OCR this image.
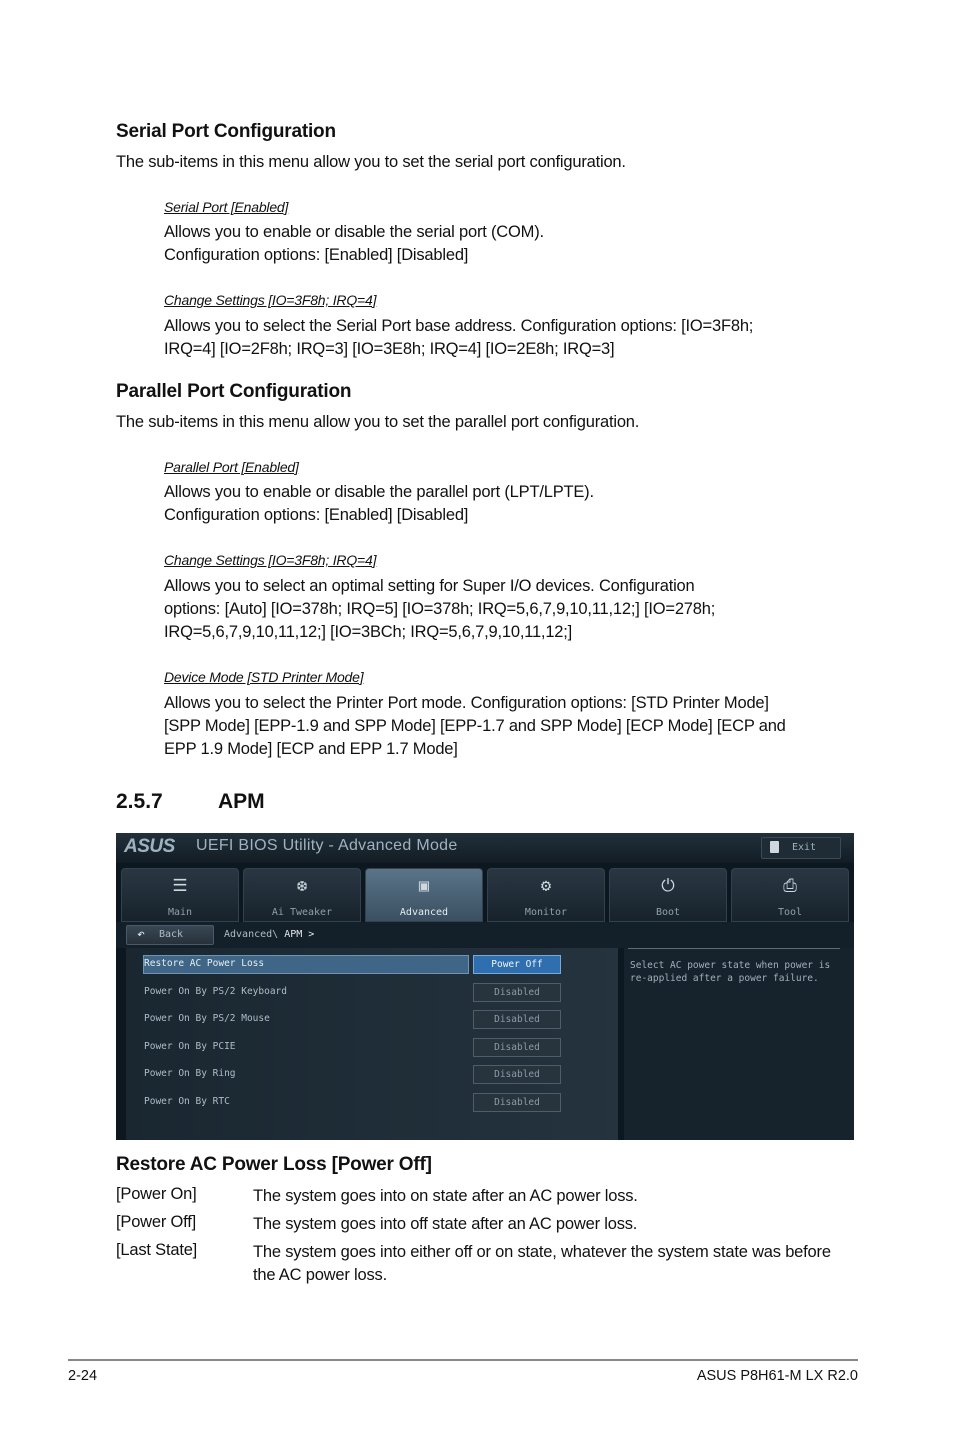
Serial Port Configuration
The sub-items in this menu allow you to set the serial port configuration.
Serial Port [Enabled]
Allows you to enable or disable the serial port (COM).
Configuration options: [Enabled] [Disabled]
Change Settings [IO=3F8h; IRQ=4]
Allows you to select the Serial Port base address. Configuration options: [IO=3F8h;
IRQ=4] [IO=2F8h; IRQ=3] [IO=3E8h; IRQ=4] [IO=2E8h; IRQ=3]
Parallel Port Configuration
The sub-items in this menu allow you to set the parallel port configuration.
Parallel Port [Enabled]
Allows you to enable or disable the parallel port (LPT/LPTE).
Configuration options: [Enabled] [Disabled]
Change Settings [IO=3F8h; IRQ=4]
Allows you to select an optimal setting for Super I/O devices. Configuration
options: [Auto] [IO=378h; IRQ=5] [IO=378h; IRQ=5,6,7,9,10,11,12;] [IO=278h;
IRQ=5,6,7,9,10,11,12;] [IO=3BCh; IRQ=5,6,7,9,10,11,12;]
Device Mode [STD Printer Mode]
Allows you to select the Printer Port mode. Configuration options: [STD Printer Mode]
[SPP Mode] [EPP-1.9 and SPP Mode] [EPP-1.7 and SPP Mode] [ECP Mode] [ECP and
EPP 1.9 Mode] [ECP and EPP 1.7 Mode]
2.5.7	APM
ASUS UEFI BIOS Utility - Advanced Mode	Exit
☰
Main
❆
Ai Tweaker
▣
Advanced
⚙
Monitor
⏻
Boot
⎙
Tool
↶ Back	Advanced\ APM >
Restore AC Power Loss	Power Off
Power On By PS/2 Keyboard	Disabled
Power On By PS/2 Mouse	Disabled
Power On By PCIE	Disabled
Power On By Ring	Disabled
Power On By RTC	Disabled
Select AC power state when power is re-applied after a power failure.
Restore AC Power Loss [Power Off]
[Power On]	The system goes into on state after an AC power loss.
[Power Off]	The system goes into off state after an AC power loss.
[Last State]	The system goes into either off or on state, whatever the system state was before the AC power loss.
2-24	ASUS P8H61-M LX R2.0
